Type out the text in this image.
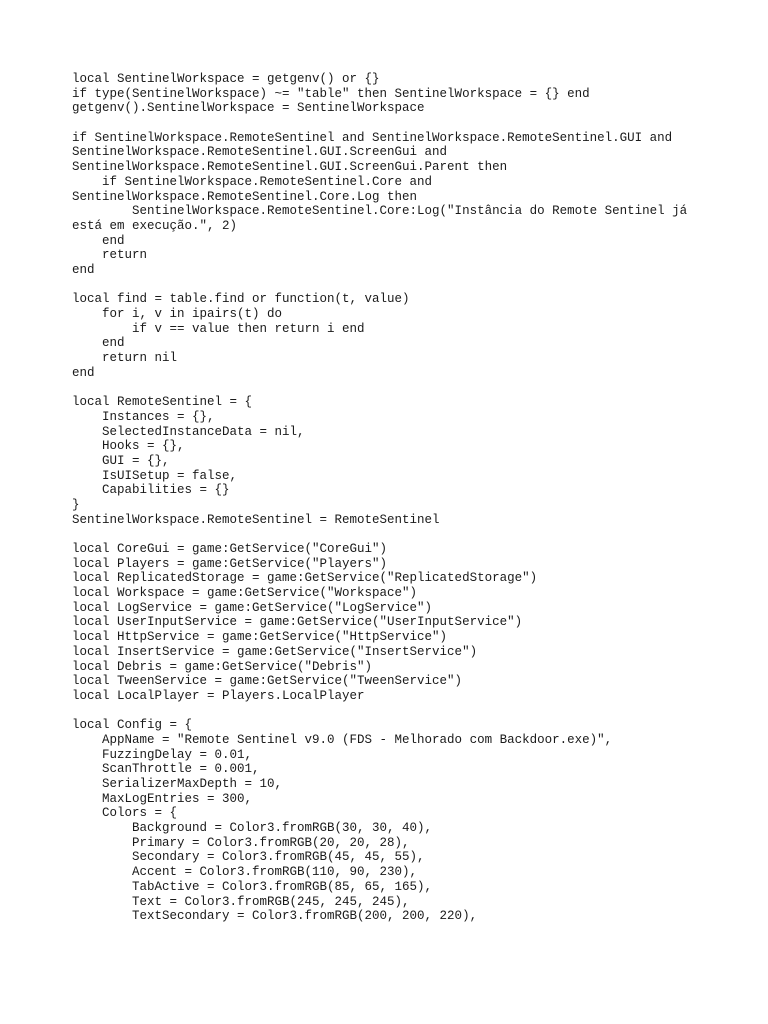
local SentinelWorkspace = getgenv() or {}
if type(SentinelWorkspace) ~= "table" then SentinelWorkspace = {} end
getgenv().SentinelWorkspace = SentinelWorkspace
if SentinelWorkspace.RemoteSentinel and SentinelWorkspace.RemoteSentinel.GUI and
SentinelWorkspace.RemoteSentinel.GUI.ScreenGui and
SentinelWorkspace.RemoteSentinel.GUI.ScreenGui.Parent then
if SentinelWorkspace.RemoteSentinel.Core and
SentinelWorkspace.RemoteSentinel.Core.Log then
SentinelWorkspace.RemoteSentinel.Core:Log("Instância do Remote Sentinel já
está em execução.", 2)
end
return
end
local find = table.find or function(t, value)
for i, v in ipairs(t) do
if v == value then return i end
end
return nil
end
local RemoteSentinel = {
Instances = {},
SelectedInstanceData = nil,
Hooks = {},
GUI = {},
IsUISetup = false,
Capabilities = {}
}
SentinelWorkspace.RemoteSentinel = RemoteSentinel
local CoreGui = game:GetService("CoreGui")
local Players = game:GetService("Players")
local ReplicatedStorage = game:GetService("ReplicatedStorage")
local Workspace = game:GetService("Workspace")
local LogService = game:GetService("LogService")
local UserInputService = game:GetService("UserInputService")
local HttpService = game:GetService("HttpService")
local InsertService = game:GetService("InsertService")
local Debris = game:GetService("Debris")
local TweenService = game:GetService("TweenService")
local LocalPlayer = Players.LocalPlayer
local Config = {
AppName = "Remote Sentinel v9.0 (FDS - Melhorado com Backdoor.exe)",
FuzzingDelay = 0.01,
ScanThrottle = 0.001,
SerializerMaxDepth = 10,
MaxLogEntries = 300,
Colors = {
Background = Color3.fromRGB(30, 30, 40),
Primary = Color3.fromRGB(20, 20, 28),
Secondary = Color3.fromRGB(45, 45, 55),
Accent = Color3.fromRGB(110, 90, 230),
TabActive = Color3.fromRGB(85, 65, 165),
Text = Color3.fromRGB(245, 245, 245),
TextSecondary = Color3.fromRGB(200, 200, 220),
